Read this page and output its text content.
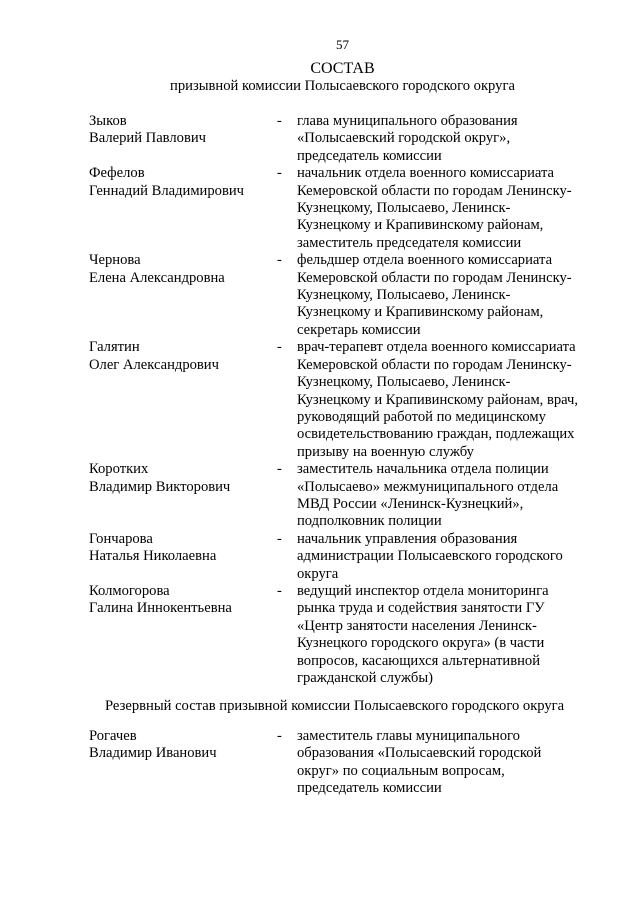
57
СОСТАВ
призывной комиссии Полысаевского городского округа
Зыков
Валерий Павлович
- глава муниципального образования
«Полысаевский городской округ»,
председатель комиссии
Фефелов
Геннадий Владимирович
- начальник отдела военного комиссариата
Кемеровской области по городам Ленинску-
Кузнецкому, Полысаево, Ленинск-
Кузнецкому и Крапивинскому районам,
заместитель председателя комиссии
Чернова
Елена Александровна
- фельдшер отдела военного комиссариата
Кемеровской области по городам Ленинску-
Кузнецкому, Полысаево, Ленинск-
Кузнецкому и Крапивинскому районам,
секретарь комиссии
Галятин
Олег Александрович
- врач-терапевт отдела военного комиссариата
Кемеровской области по городам Ленинску-
Кузнецкому, Полысаево, Ленинск-
Кузнецкому и Крапивинскому районам, врач,
руководящий работой по медицинскому
освидетельствованию граждан, подлежащих
призыву на военную службу
Коротких
Владимир Викторович
- заместитель начальника отдела полиции
«Полысаево» межмуниципального отдела
МВД России «Ленинск-Кузнецкий»,
подполковник полиции
Гончарова
Наталья Николаевна
- начальник управления образования
администрации Полысаевского городского
округа
Колмогорова
Галина Иннокентьевна
- ведущий инспектор отдела мониторинга
рынка труда и содействия занятости ГУ
«Центр занятости населения Ленинск-
Кузнецкого городского округа» (в части
вопросов, касающихся альтернативной
гражданской службы)
Резервный состав призывной комиссии Полысаевского городского округа
Рогачев
Владимир Иванович
- заместитель главы муниципального
образования «Полысаевский городской
округ» по социальным вопросам,
председатель комиссии
